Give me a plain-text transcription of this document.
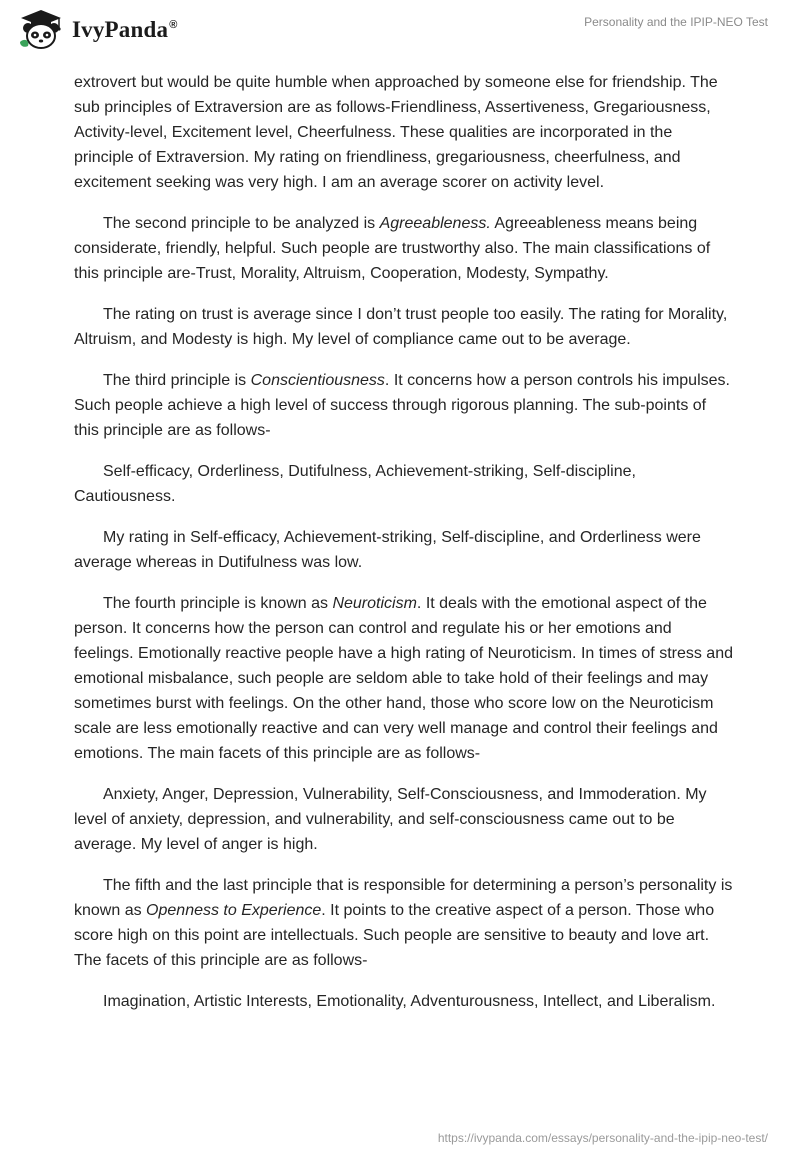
IvyPanda®	Personality and the IPIP-NEO Test

extrovert but would be quite humble when approached by someone else for friendship. The sub principles of Extraversion are as follows-Friendliness, Assertiveness, Gregariousness, Activity-level, Excitement level, Cheerfulness. These qualities are incorporated in the principle of Extraversion. My rating on friendliness, gregariousness, cheerfulness, and excitement seeking was very high. I am an average scorer on activity level.

The second principle to be analyzed is Agreeableness. Agreeableness means being considerate, friendly, helpful. Such people are trustworthy also. The main classifications of this principle are-Trust, Morality, Altruism, Cooperation, Modesty, Sympathy.

The rating on trust is average since I don’t trust people too easily. The rating for Morality, Altruism, and Modesty is high. My level of compliance came out to be average.

The third principle is Conscientiousness. It concerns how a person controls his impulses. Such people achieve a high level of success through rigorous planning. The sub-points of this principle are as follows-

Self-efficacy, Orderliness, Dutifulness, Achievement-striking, Self-discipline, Cautiousness.

My rating in Self-efficacy, Achievement-striking, Self-discipline, and Orderliness were average whereas in Dutifulness was low.

The fourth principle is known as Neuroticism. It deals with the emotional aspect of the person. It concerns how the person can control and regulate his or her emotions and feelings. Emotionally reactive people have a high rating of Neuroticism. In times of stress and emotional misbalance, such people are seldom able to take hold of their feelings and may sometimes burst with feelings. On the other hand, those who score low on the Neuroticism scale are less emotionally reactive and can very well manage and control their feelings and emotions. The main facets of this principle are as follows-

Anxiety, Anger, Depression, Vulnerability, Self-Consciousness, and Immoderation. My level of anxiety, depression, and vulnerability, and self-consciousness came out to be average. My level of anger is high.

The fifth and the last principle that is responsible for determining a person’s personality is known as Openness to Experience. It points to the creative aspect of a person. Those who score high on this point are intellectuals. Such people are sensitive to beauty and love art. The facets of this principle are as follows-

Imagination, Artistic Interests, Emotionality, Adventurousness, Intellect, and Liberalism.

https://ivypanda.com/essays/personality-and-the-ipip-neo-test/
